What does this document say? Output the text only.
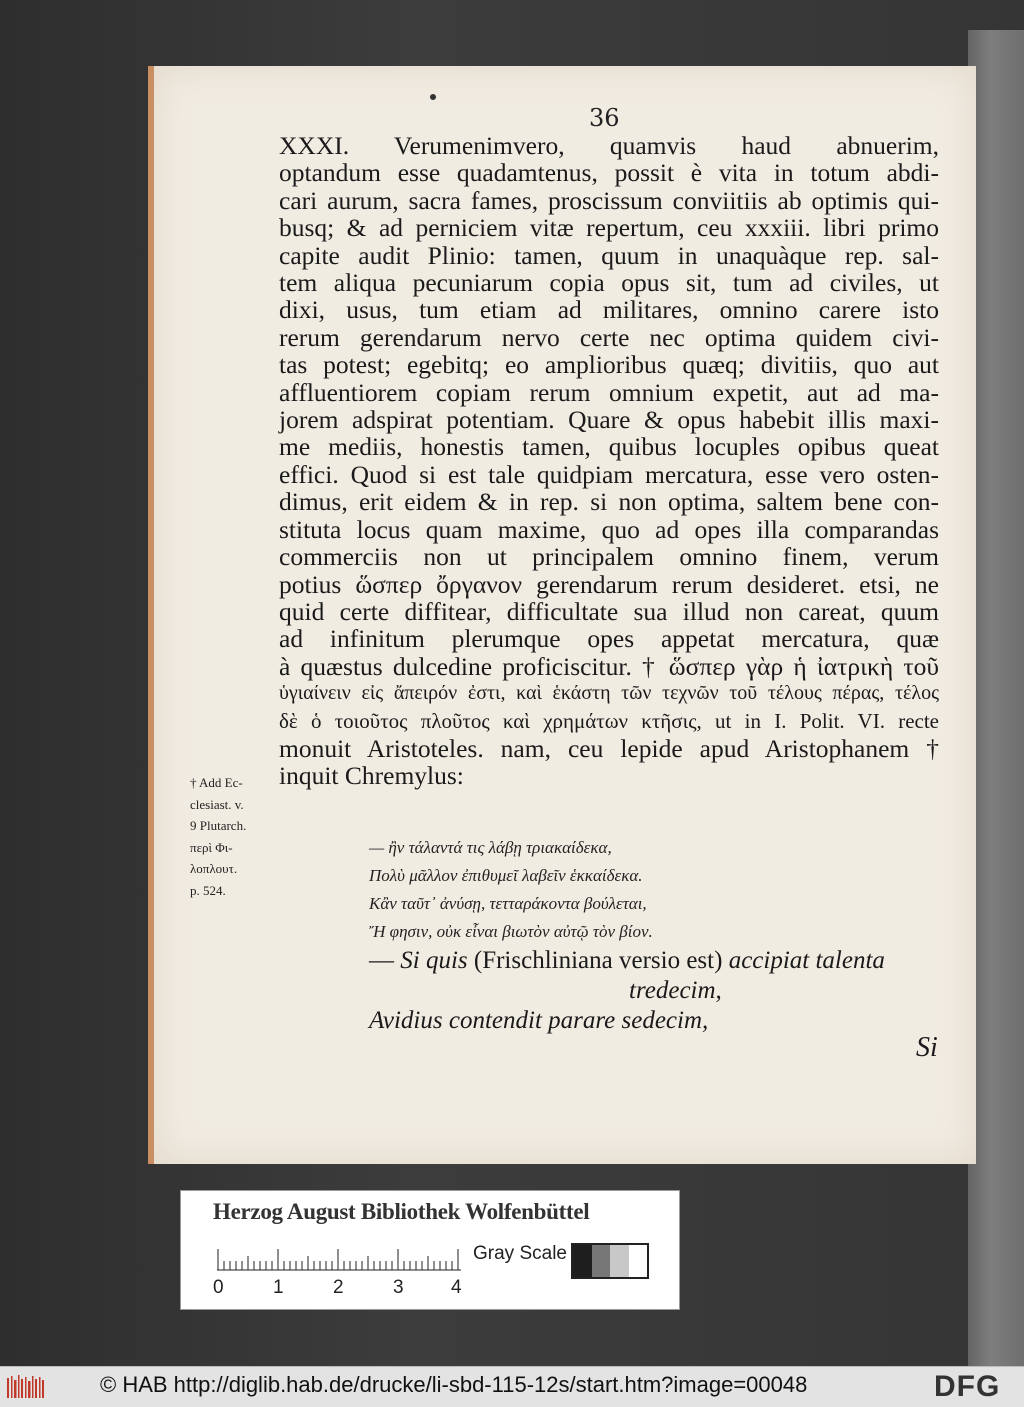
36
XXXI. Verumenimvero, quamvis haud abnuerim,
optandum esse quadamtenus, possit è vita in totum abdi-
cari aurum, sacra fames, proscissum conviitiis ab optimis qui-
busq; & ad perniciem vitæ repertum, ceu xxxiii. libri primo
capite audit Plinio: tamen, quum in unaquàque rep. sal-
tem aliqua pecuniarum copia opus sit, tum ad civiles, ut
dixi, usus, tum etiam ad militares, omnino carere isto
rerum gerendarum nervo certe nec optima quidem civi-
tas potest; egebitq; eo amplioribus quæq; divitiis, quo aut
affluentiorem copiam rerum omnium expetit, aut ad ma-
jorem adspirat potentiam. Quare & opus habebit illis maxi-
me mediis, honestis tamen, quibus locuples opibus queat
effici. Quod si est tale quidpiam mercatura, esse vero osten-
dimus, erit eidem & in rep. si non optima, saltem bene con-
stituta locus quam maxime, quo ad opes illa comparandas
commerciis non ut principalem omnino finem, verum
potius ὥσπερ ὄργανον gerendarum rerum desideret. etsi, ne
quid certe diffitear, difficultate sua illud non careat, quum
ad infinitum plerumque opes appetat mercatura, quæ
à quæstus dulcedine proficiscitur. † ὥσπερ γὰρ ἡ ἰατρικὴ τοῦ
ὑγιαίνειν εἰς ἄπειρόν ἐστι, καὶ ἑκάστη τῶν τεχνῶν τοῦ τέλους πέρας, τέλος
δὲ ὁ τοιοῦτος πλοῦτος καὶ χρημάτων κτῆσις, ut in I. Polit. VI. recte
monuit Aristoteles. nam, ceu lepide apud Aristophanem †
inquit Chremylus:
† Add Ec-
clesiast. v.
9 Plutarch.
περὶ Φι-
λοπλουτ.
p. 524.
— ἢν τάλαντά τις λάβῃ τριακαίδεκα,
Πολὺ μᾶλλον ἐπιθυμεῖ λαβεῖν ἑκκαίδεκα.
Κἂν ταῦτ᾽ ἀνύσῃ, τετταράκοντα βούλεται,
Ἤ φησιν, οὐκ εἶναι βιωτὸν αὐτῷ τὸν βίον.
— Si quis (Frischliniana versio est) accipiat talenta
tredecim,
Avidius contendit parare sedecim,
Si
Herzog August Bibliothek Wolfenbüttel
0	1	2	3 4
Gray Scale
© HAB http://diglib.hab.de/drucke/li-sbd-115-12s/start.htm?image=00048	DFG
